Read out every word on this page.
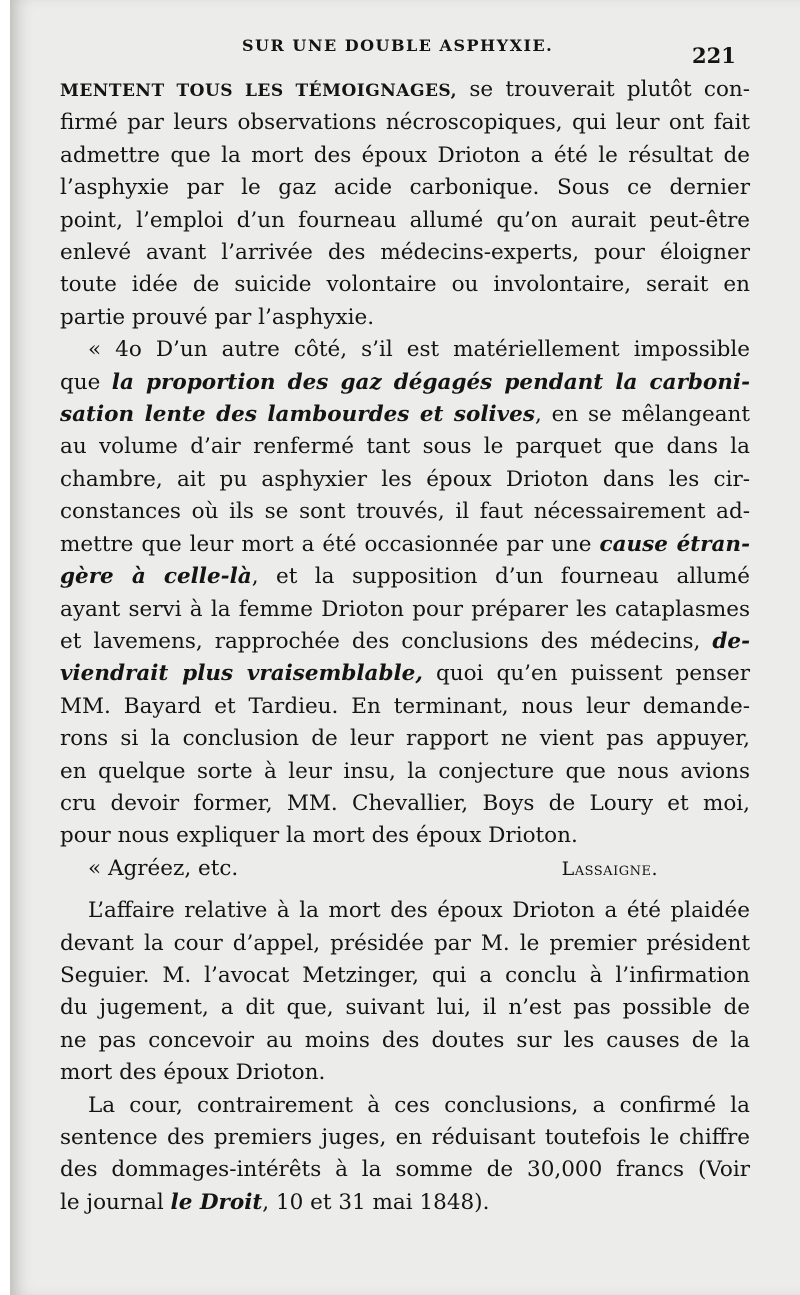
SUR UNE DOUBLE ASPHYXIE.	221
MENTENT TOUS LES TÉMOIGNAGES, se trouverait plutôt con-
firmé par leurs observations nécroscopiques, qui leur ont fait
admettre que la mort des époux Drioton a été le résultat de
l’asphyxie par le gaz acide carbonique. Sous ce dernier
point, l’emploi d’un fourneau allumé qu’on aurait peut-être
enlevé avant l’arrivée des médecins-experts, pour éloigner
toute idée de suicide volontaire ou involontaire, serait en
partie prouvé par l’asphyxie.
« 4o D’un autre côté, s’il est matériellement impossible
que la proportion des gaz dégagés pendant la carboni-
sation lente des lambourdes et solives, en se mêlangeant
au volume d’air renfermé tant sous le parquet que dans la
chambre, ait pu asphyxier les époux Drioton dans les cir-
constances où ils se sont trouvés, il faut nécessairement ad-
mettre que leur mort a été occasionnée par une cause étran-
gère à celle-là, et la supposition d’un fourneau allumé
ayant servi à la femme Drioton pour préparer les cataplasmes
et lavemens, rapprochée des conclusions des médecins, de-
viendrait plus vraisemblable, quoi qu’en puissent penser
MM. Bayard et Tardieu. En terminant, nous leur demande-
rons si la conclusion de leur rapport ne vient pas appuyer,
en quelque sorte à leur insu, la conjecture que nous avions
cru devoir former, MM. Chevallier, Boys de Loury et moi,
pour nous expliquer la mort des époux Drioton.
« Agréez, etc.	Lassaigne.
L’affaire relative à la mort des époux Drioton a été plaidée
devant la cour d’appel, présidée par M. le premier président
Seguier. M. l’avocat Metzinger, qui a conclu à l’infirmation
du jugement, a dit que, suivant lui, il n’est pas possible de
ne pas concevoir au moins des doutes sur les causes de la
mort des époux Drioton.
La cour, contrairement à ces conclusions, a confirmé la
sentence des premiers juges, en réduisant toutefois le chiffre
des dommages-intérêts à la somme de 30,000 francs (Voir
le journal le Droit, 10 et 31 mai 1848).
